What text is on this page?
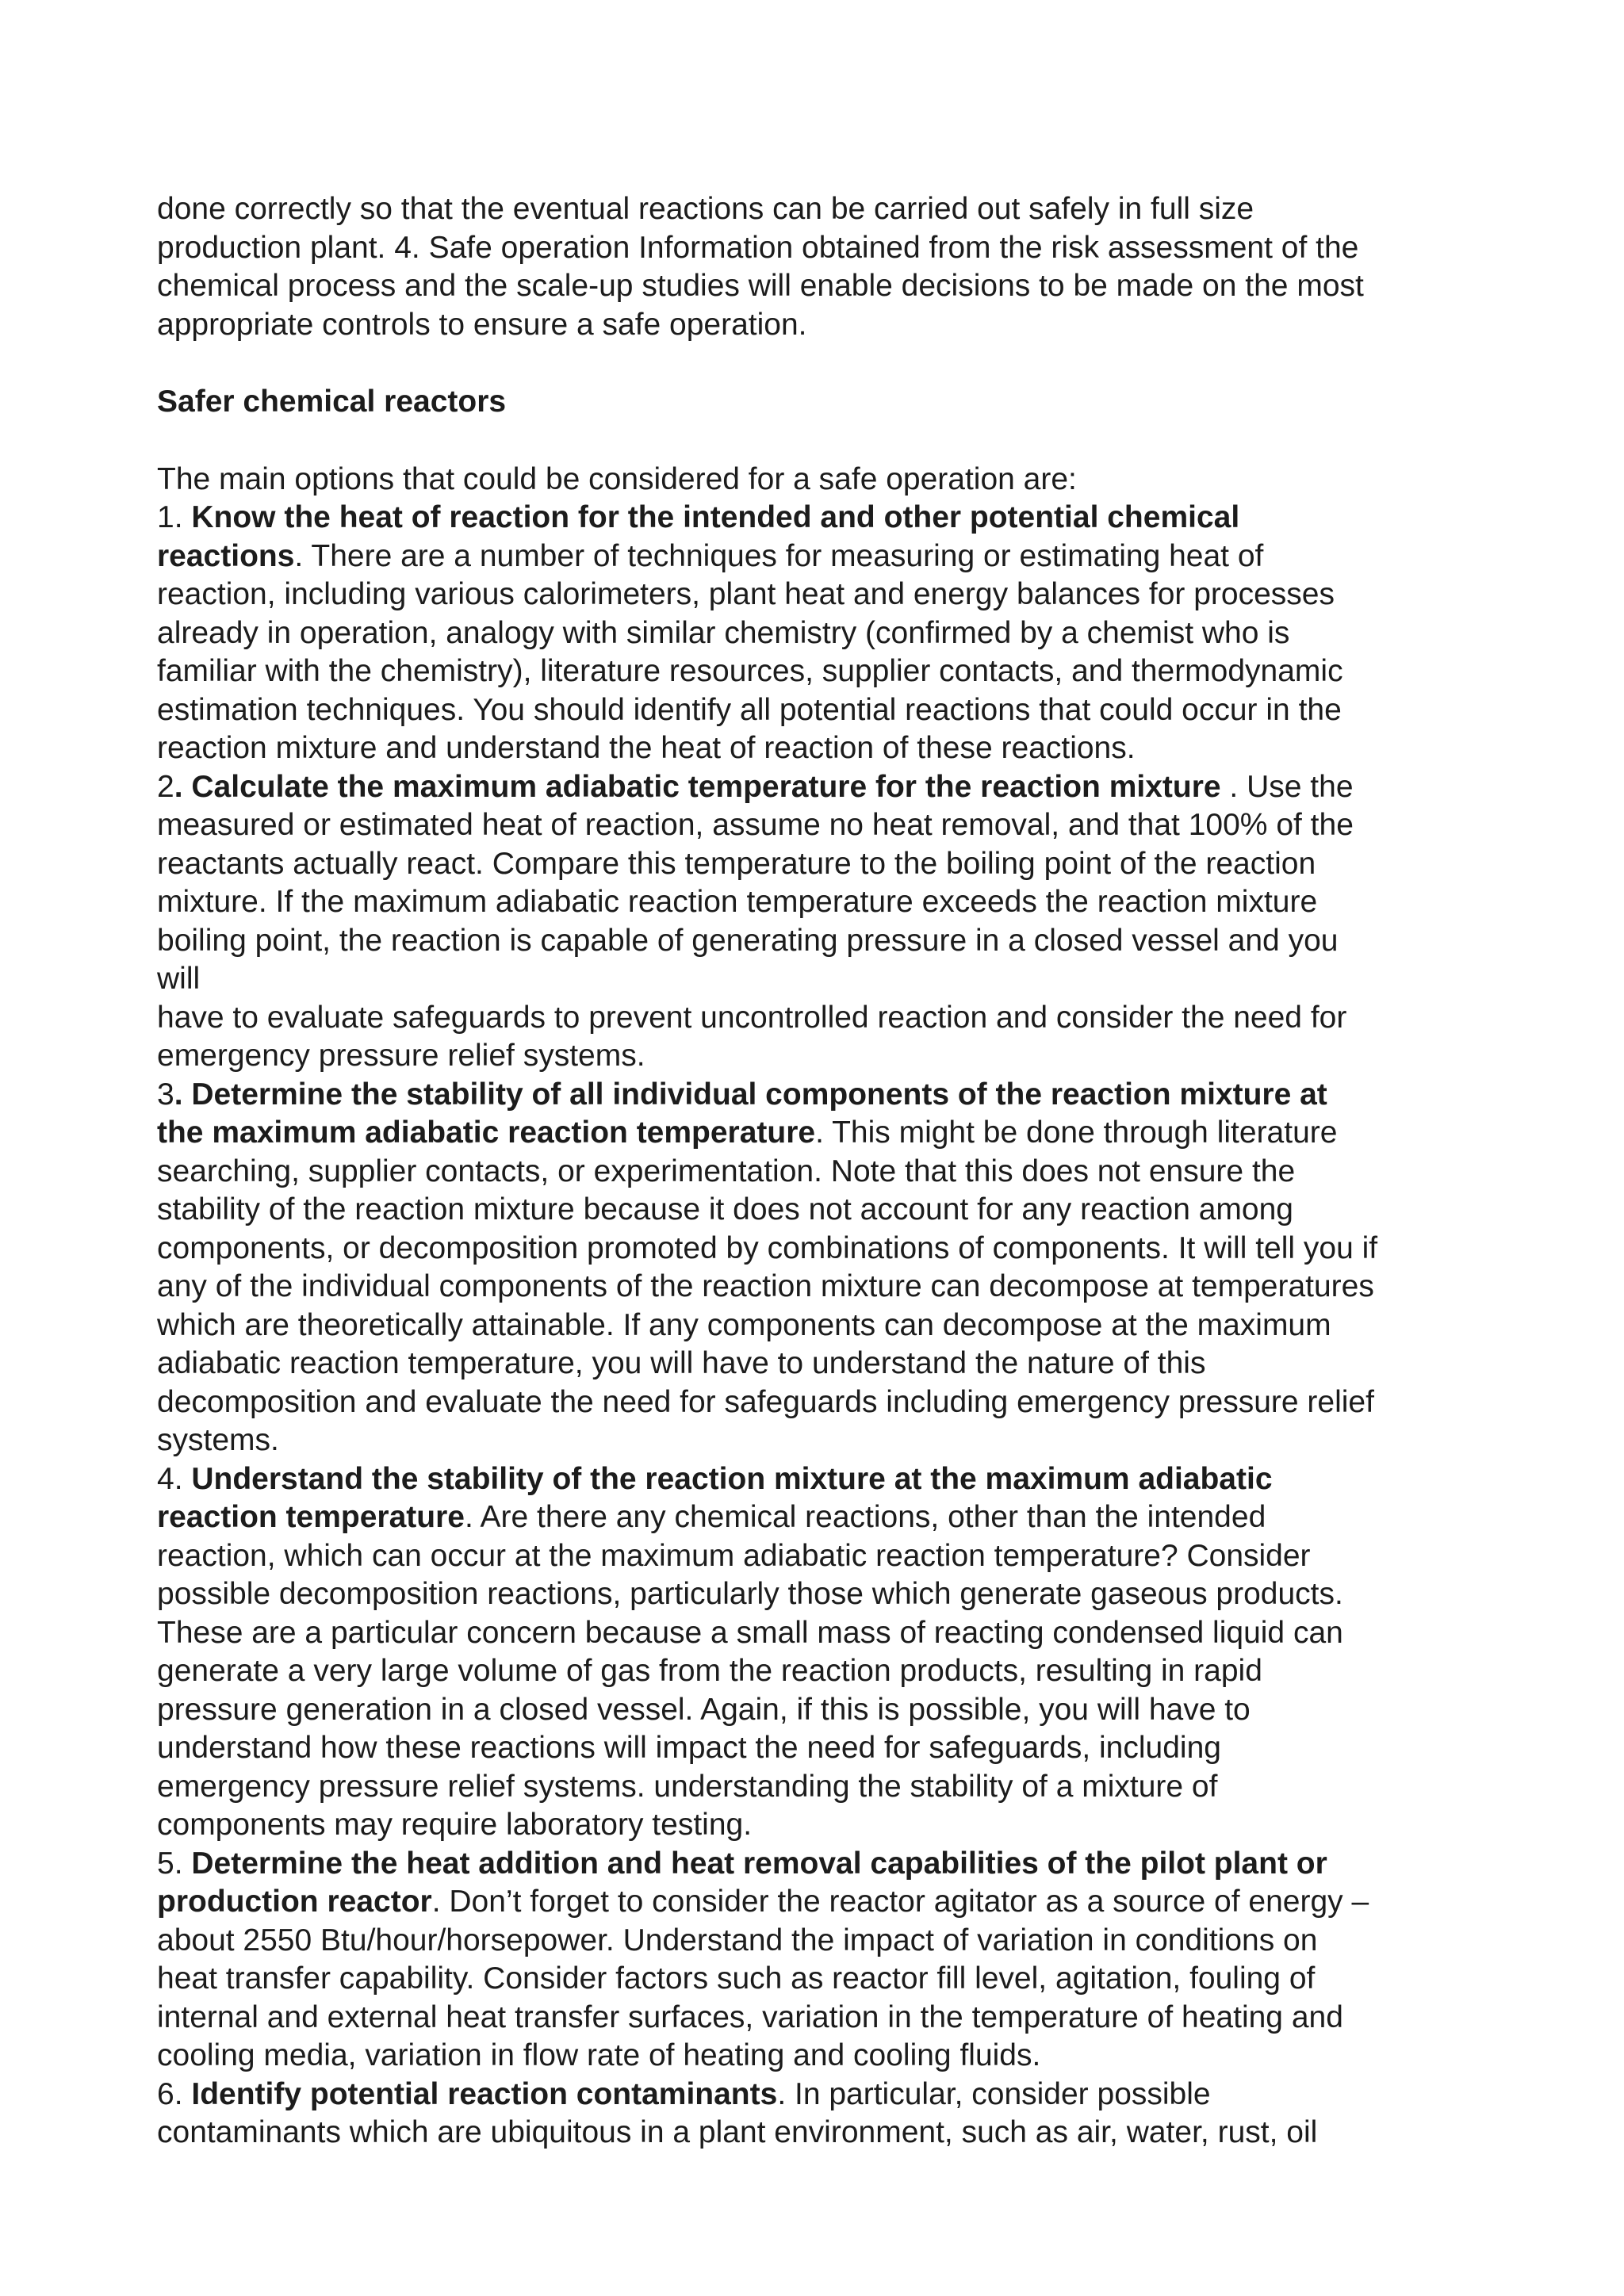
done correctly so that the eventual reactions can be carried out safely in full size
production plant. 4. Safe operation Information obtained from the risk assessment of the
chemical process and the scale-up studies will enable decisions to be made on the most
appropriate controls to ensure a safe operation.
Safer chemical reactors
The main options that could be considered for a safe operation are:
1. Know the heat of reaction for the intended and other potential chemical
reactions. There are a number of techniques for measuring or estimating heat of
reaction, including various calorimeters, plant heat and energy balances for processes
already in operation, analogy with similar chemistry (confirmed by a chemist who is
familiar with the chemistry), literature resources, supplier contacts, and thermodynamic
estimation techniques. You should identify all potential reactions that could occur in the
reaction mixture and understand the heat of reaction of these reactions.
2. Calculate the maximum adiabatic temperature for the reaction mixture . Use the
measured or estimated heat of reaction, assume no heat removal, and that 100% of the
reactants actually react. Compare this temperature to the boiling point of the reaction
mixture. If the maximum adiabatic reaction temperature exceeds the reaction mixture
boiling point, the reaction is capable of generating pressure in a closed vessel and you
will
have to evaluate safeguards to prevent uncontrolled reaction and consider the need for
emergency pressure relief systems.
3. Determine the stability of all individual components of the reaction mixture at
the maximum adiabatic reaction temperature. This might be done through literature
searching, supplier contacts, or experimentation. Note that this does not ensure the
stability of the reaction mixture because it does not account for any reaction among
components, or decomposition promoted by combinations of components. It will tell you if
any of the individual components of the reaction mixture can decompose at temperatures
which are theoretically attainable. If any components can decompose at the maximum
adiabatic reaction temperature, you will have to understand the nature of this
decomposition and evaluate the need for safeguards including emergency pressure relief
systems.
4. Understand the stability of the reaction mixture at the maximum adiabatic
reaction temperature. Are there any chemical reactions, other than the intended
reaction, which can occur at the maximum adiabatic reaction temperature? Consider
possible decomposition reactions, particularly those which generate gaseous products.
These are a particular concern because a small mass of reacting condensed liquid can
generate a very large volume of gas from the reaction products, resulting in rapid
pressure generation in a closed vessel. Again, if this is possible, you will have to
understand how these reactions will impact the need for safeguards, including
emergency pressure relief systems. understanding the stability of a mixture of
components may require laboratory testing.
5. Determine the heat addition and heat removal capabilities of the pilot plant or
production reactor. Don’t forget to consider the reactor agitator as a source of energy –
about 2550 Btu/hour/horsepower. Understand the impact of variation in conditions on
heat transfer capability. Consider factors such as reactor fill level, agitation, fouling of
internal and external heat transfer surfaces, variation in the temperature of heating and
cooling media, variation in flow rate of heating and cooling fluids.
6. Identify potential reaction contaminants. In particular, consider possible
contaminants which are ubiquitous in a plant environment, such as air, water, rust, oil
